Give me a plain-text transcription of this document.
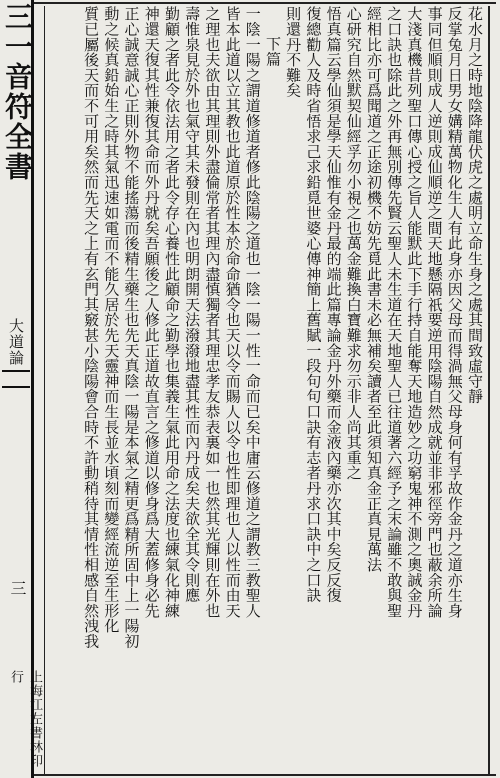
三一音符全書
大道論
三
上海江左書林印行
花水月之時地陰降龍伏虎之處明立命生身之處其間致虛守靜
反掌兔月日男女媾精萬物化生人有此身亦因父母而得渦無父母身何有孚故作金丹之道亦生身
事同但順則成人逆則成仙順逆之間天地懸隔祇要逆用陰陽自然成就並非邪徑旁門也蔽余所論
大淺真機昔列聖口傳心授之旨人能默此下手行持自能奪天地造妙之功窮鬼神不測之奧誠金丹
之口訣也除此之外再無別傳先賢云聖人未生道在天地聖人已往道著六經予之末論雖不敢與聖
經相比亦可爲聞道之正途初機不妨先覓此書未必無補矣讀者至此須知真金正真見萬法
心研究自然默契仙經孚勿小視之也萬金難換白寶難求勿示非人尚其重之
悟真篇云學仙須是學天仙惟有金丹最的端此篇專論金丹外藥而金液內藥亦次其中矣反反復
復總勸人及時省悟求己求鉛覓世婆心傳神簡上舊賦一段句句口訣有志者丹求口訣中之口訣
則還丹不難矣
下篇
一陰一陽之謂道修道者修此陰陽之道也一陰一陽一性一命而已矣中庸云修道之謂教三教聖人
皆本此道以立其教也此道原於性本於命命猶令也天以令而賜人以令也性即理也人以性而由天
之理也夫欲由其理則外盡倫常者其理內盡慎獨者其理忠孝友恭表裏如一也然其光輝則在外也
壽惟泉見於外也氣守其未發則在內也明朗開天法潑潑地盡其性而內丹成矣夫欲全其令則應
勤顧之者此令依法用之者此令存心養性此顧命之勤學也集義生氣此用命之法度也練氣化神練
神還天復其性兼復其命而外丹就矣吾願後之人修此正道故直言之修道以修身爲大蓋修身必先
正心誠意誠心正則外物不能搖蕩而後精生藥生也先天真陰一陽是本氣之精更爲精所固中上一陽初
動之候真鉛始生之時其氣迅速如電而不能久居於先天靈神而生長並水頃刻而變經流逆至生形化
質已屬後天而不可用矣然而先天之上有玄門其竅甚小陰陽會合時不許動稍待其情性相感自然洩我
